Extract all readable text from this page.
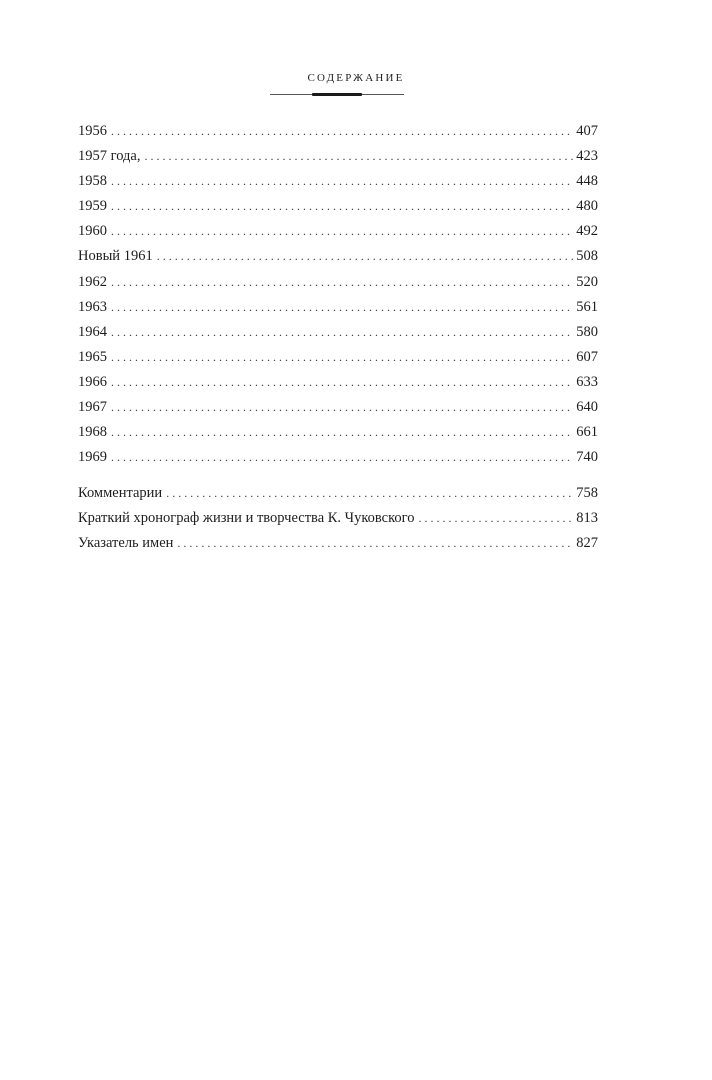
СОДЕРЖАНИЕ
1956 . . .	407
1957 года, . . .	423
1958 . . .	448
1959 . . .	480
1960 . . .	492
Новый 1961 . . .	508
1962 . . .	520
1963 . . .	561
1964 . . .	580
1965 . . .	607
1966 . . .	633
1967 . . .	640
1968 . . .	661
1969 . . .	740
Комментарии . . .	758
Краткий хронограф жизни и творчества К. Чуковского . . .	813
Указатель имен . . .	827
